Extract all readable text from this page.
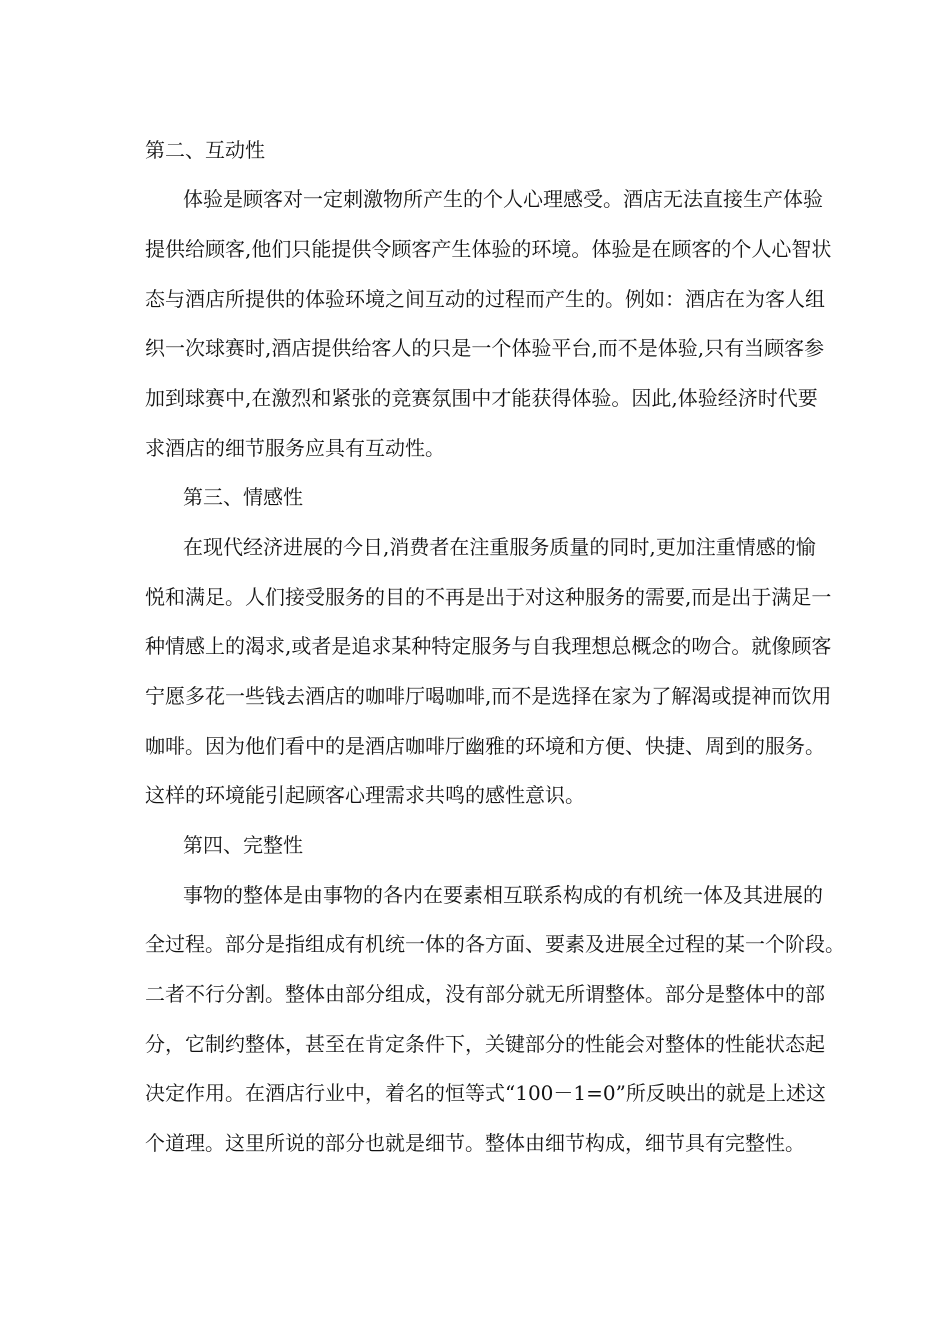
第二、互动性
体验是顾客对一定刺激物所产生的个人心理感受。酒店无法直接生产体验
提供给顾客,他们只能提供令顾客产生体验的环境。体验是在顾客的个人心智状
态与酒店所提供的体验环境之间互动的过程而产生的。例如：酒店在为客人组
织一次球赛时,酒店提供给客人的只是一个体验平台,而不是体验,只有当顾客参
加到球赛中,在激烈和紧张的竞赛氛围中才能获得体验。因此,体验经济时代要
求酒店的细节服务应具有互动性。
第三、情感性
在现代经济进展的今日,消费者在注重服务质量的同时,更加注重情感的愉
悦和满足。人们接受服务的目的不再是出于对这种服务的需要,而是出于满足一
种情感上的渴求,或者是追求某种特定服务与自我理想总概念的吻合。就像顾客
宁愿多花一些钱去酒店的咖啡厅喝咖啡,而不是选择在家为了解渴或提神而饮用
咖啡。因为他们看中的是酒店咖啡厅幽雅的环境和方便、快捷、周到的服务。
这样的环境能引起顾客心理需求共鸣的感性意识。
第四、完整性
事物的整体是由事物的各内在要素相互联系构成的有机统一体及其进展的
全过程。部分是指组成有机统一体的各方面、要素及进展全过程的某一个阶段。
二者不行分割。整体由部分组成，没有部分就无所谓整体。部分是整体中的部
分，它制约整体，甚至在肯定条件下，关键部分的性能会对整体的性能状态起
决定作用。在酒店行业中，着名的恒等式“100－1=0”所反映出的就是上述这
个道理。这里所说的部分也就是细节。整体由细节构成，细节具有完整性。
